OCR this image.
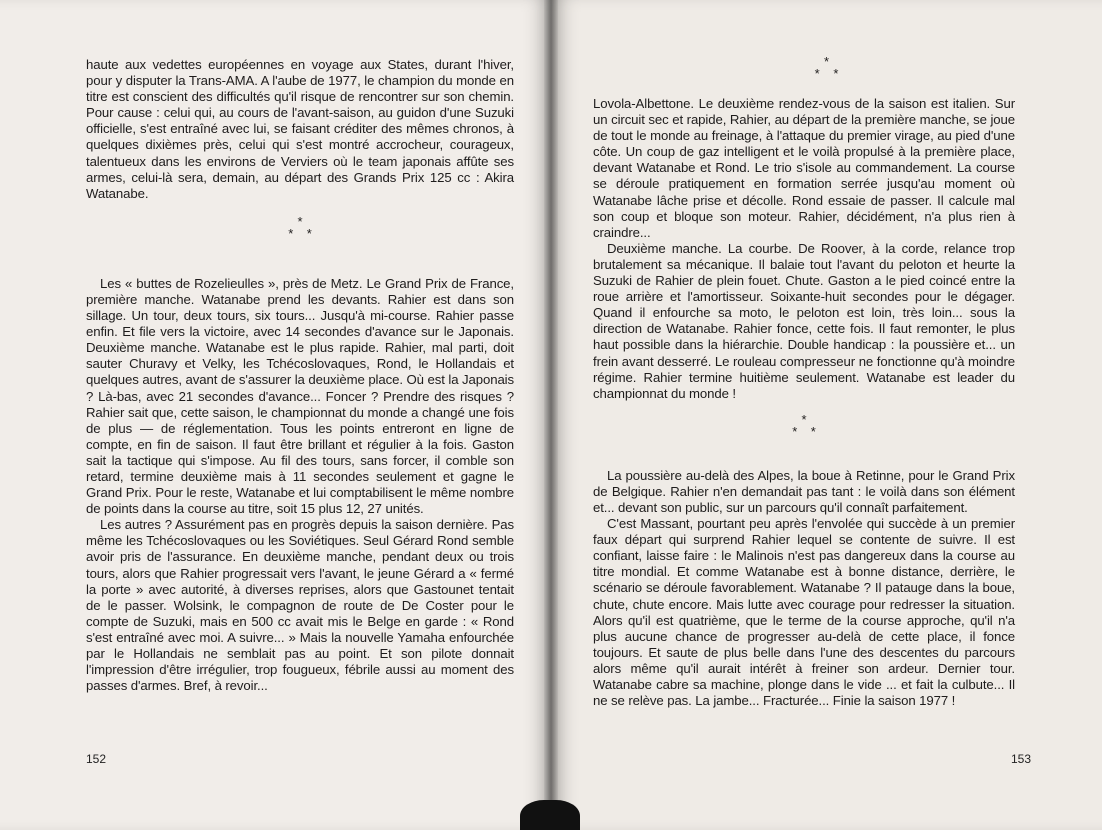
haute aux vedettes européennes en voyage aux States, durant l'hiver, pour y disputer la Trans-AMA. A l'aube de 1977, le champion du monde en titre est conscient des difficultés qu'il risque de rencontrer sur son chemin. Pour cause : celui qui, au cours de l'avant-saison, au guidon d'une Suzuki officielle, s'est entraîné avec lui, se faisant créditer des mêmes chronos, à quelques dixièmes près, celui qui s'est montré accrocheur, courageux, talentueux dans les environs de Verviers où le team japonais affûte ses armes, celui-là sera, demain, au départ des Grands Prix 125 cc : Akira Watanabe.

*
* *

Les « buttes de Rozelieulles », près de Metz. Le Grand Prix de France, première manche. Watanabe prend les devants. Rahier est dans son sillage. Un tour, deux tours, six tours... Jusqu'à mi-course. Rahier passe enfin. Et file vers la victoire, avec 14 secondes d'avance sur le Japonais. Deuxième manche. Watanabe est le plus rapide. Rahier, mal parti, doit sauter Churavy et Velky, les Tchécoslovaques, Rond, le Hollandais et quelques autres, avant de s'assurer la deuxième place. Où est la Japonais ? Là-bas, avec 21 secondes d'avance... Foncer ? Prendre des risques ? Rahier sait que, cette saison, le championnat du monde a changé une fois de plus — de réglementation. Tous les points entreront en ligne de compte, en fin de saison. Il faut être brillant et régulier à la fois. Gaston sait la tactique qui s'impose. Au fil des tours, sans forcer, il comble son retard, termine deuxième mais à 11 secondes seulement et gagne le Grand Prix. Pour le reste, Watanabe et lui comptabilisent le même nombre de points dans la course au titre, soit 15 plus 12, 27 unités.

Les autres ? Assurément pas en progrès depuis la saison dernière. Pas même les Tchécoslovaques ou les Soviétiques. Seul Gérard Rond semble avoir pris de l'assurance. En deuxième manche, pendant deux ou trois tours, alors que Rahier progressait vers l'avant, le jeune Gérard a « fermé la porte » avec autorité, à diverses reprises, alors que Gastounet tentait de le passer. Wolsink, le compagnon de route de De Coster pour le compte de Suzuki, mais en 500 cc avait mis le Belge en garde : « Rond s'est entraîné avec moi. A suivre... » Mais la nouvelle Yamaha enfourchée par le Hollandais ne semblait pas au point. Et son pilote donnait l'impression d'être irrégulier, trop fougueux, fébrile aussi au moment des passes d'armes. Bref, à revoir...

152
*
* *

Lovola-Albettone. Le deuxième rendez-vous de la saison est italien. Sur un circuit sec et rapide, Rahier, au départ de la première manche, se joue de tout le monde au freinage, à l'attaque du premier virage, au pied d'une côte. Un coup de gaz intelligent et le voilà propulsé à la première place, devant Watanabe et Rond. Le trio s'isole au commandement. La course se déroule pratiquement en formation serrée jusqu'au moment où Watanabe lâche prise et décolle. Rond essaie de passer. Il calcule mal son coup et bloque son moteur. Rahier, décidément, n'a plus rien à craindre...

Deuxième manche. La courbe. De Roover, à la corde, relance trop brutalement sa mécanique. Il balaie tout l'avant du peloton et heurte la Suzuki de Rahier de plein fouet. Chute. Gaston a le pied coincé entre la roue arrière et l'amortisseur. Soixante-huit secondes pour le dégager. Quand il enfourche sa moto, le peloton est loin, très loin... sous la direction de Watanabe. Rahier fonce, cette fois. Il faut remonter, le plus haut possible dans la hiérarchie. Double handicap : la poussière et... un frein avant desserré. Le rouleau compresseur ne fonctionne qu'à moindre régime. Rahier termine huitième seulement. Watanabe est leader du championnat du monde !

*
* *

La poussière au-delà des Alpes, la boue à Retinne, pour le Grand Prix de Belgique. Rahier n'en demandait pas tant : le voilà dans son élément et... devant son public, sur un parcours qu'il connaît parfaitement.

C'est Massant, pourtant peu après l'envolée qui succède à un premier faux départ qui surprend Rahier lequel se contente de suivre. Il est confiant, laisse faire : le Malinois n'est pas dangereux dans la course au titre mondial. Et comme Watanabe est à bonne distance, derrière, le scénario se déroule favorablement. Watanabe ? Il patauge dans la boue, chute, chute encore. Mais lutte avec courage pour redresser la situation. Alors qu'il est quatrième, que le terme de la course approche, qu'il n'a plus aucune chance de progresser au-delà de cette place, il fonce toujours. Et saute de plus belle dans l'une des descentes du parcours alors même qu'il aurait intérêt à freiner son ardeur. Dernier tour. Watanabe cabre sa machine, plonge dans le vide ... et fait la culbute... Il ne se relève pas. La jambe... Fracturée... Finie la saison 1977 !

153
